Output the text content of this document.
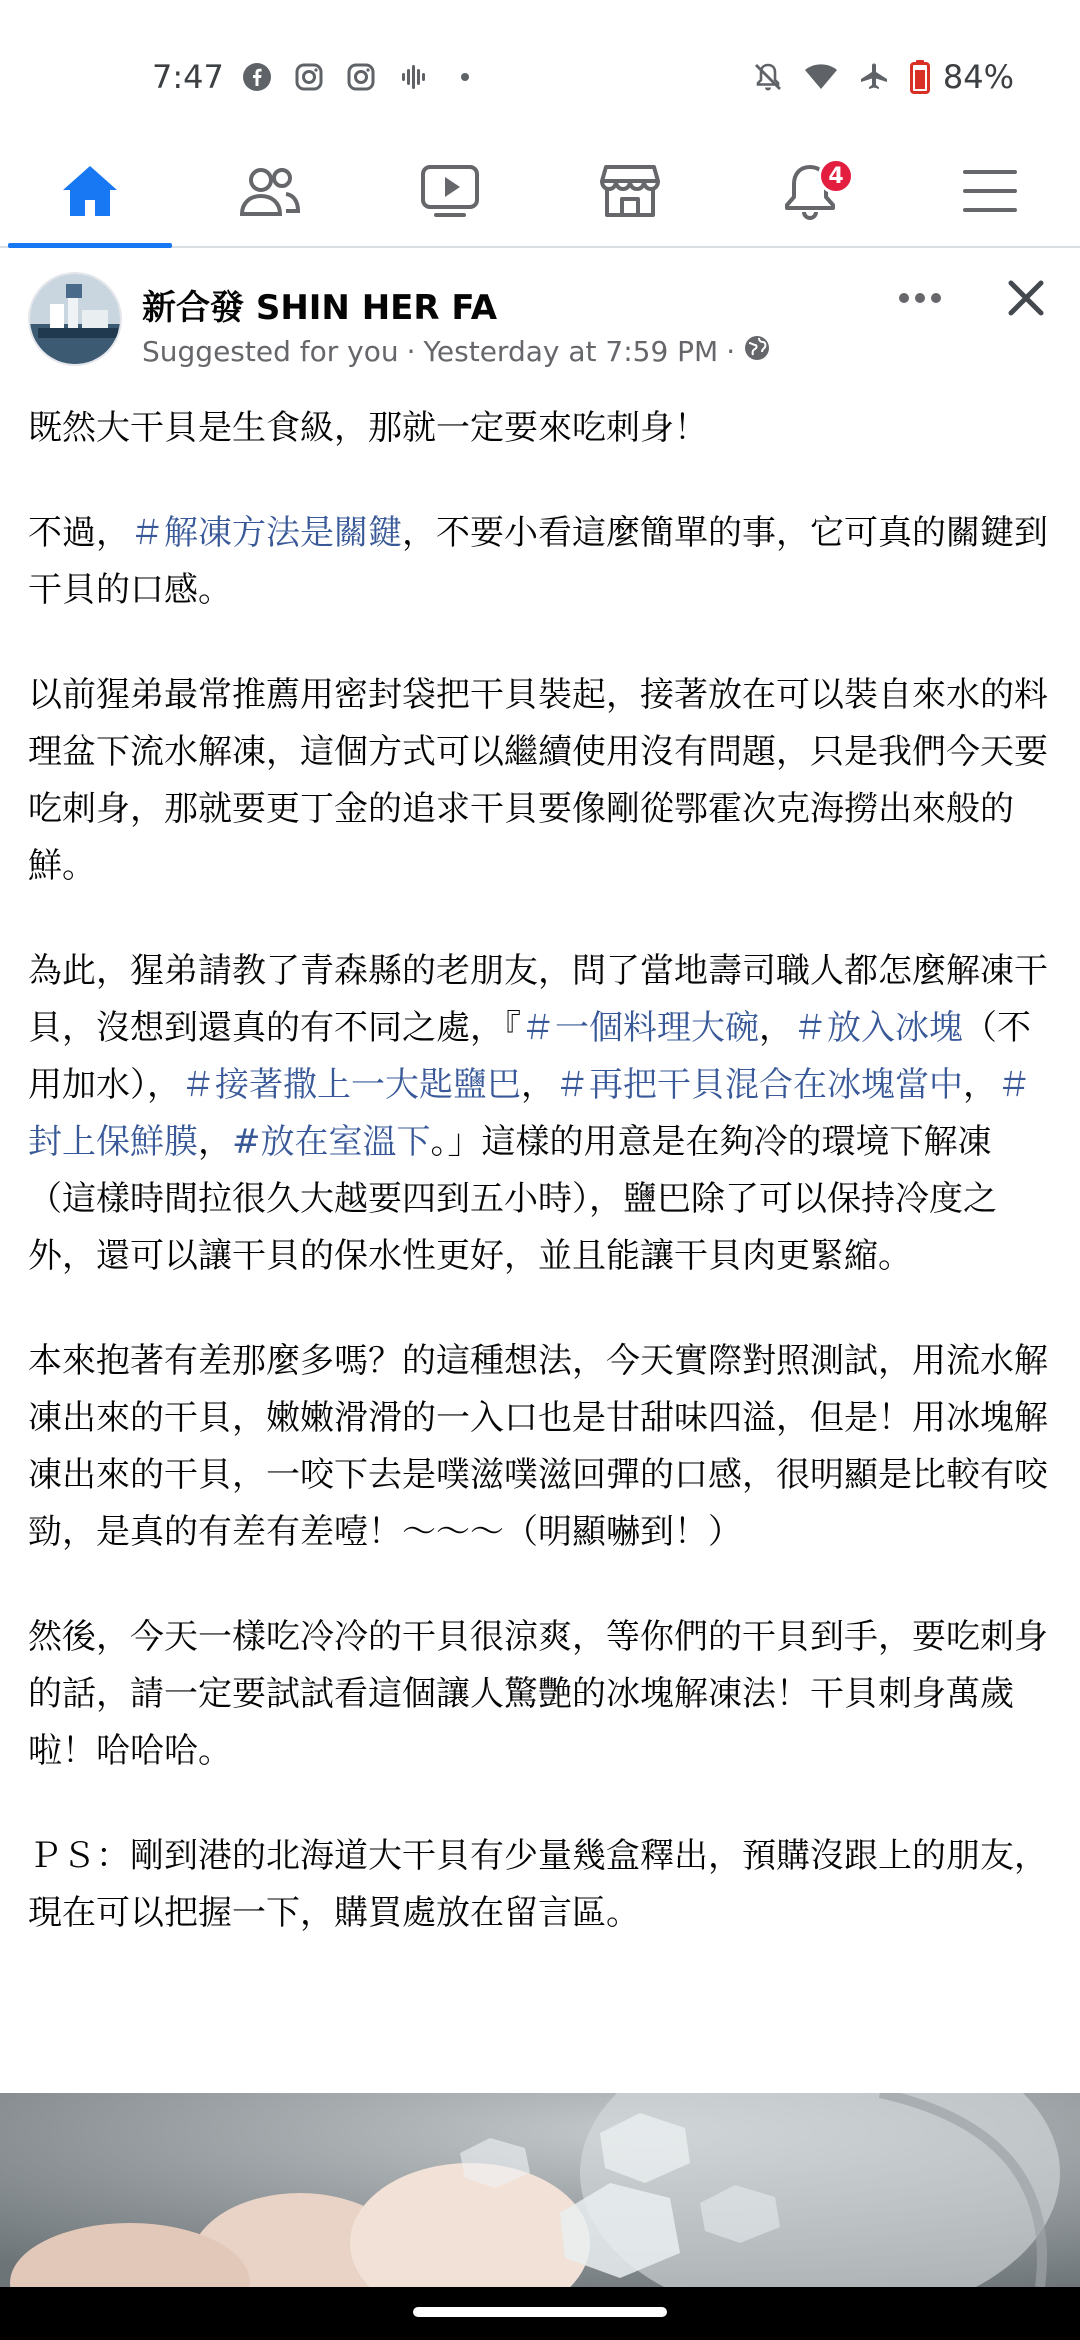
7:47	84%
4
新合發 SHIN HER FA
Suggested for you · Yesterday at 7:59 PM ·

既然大干貝是生食級，那就一定要來吃刺身！

不過，＃解凍方法是關鍵，不要小看這麼簡單的事，它可真的關鍵到干貝的口感。

以前猩弟最常推薦用密封袋把干貝裝起，接著放在可以裝自來水的料理盆下流水解凍，這個方式可以繼續使用沒有問題，只是我們今天要吃刺身，那就要更丁金的追求干貝要像剛從鄂霍次克海撈出來般的鮮。

為此，猩弟請教了青森縣的老朋友，問了當地壽司職人都怎麼解凍干貝，沒想到還真的有不同之處，『＃一個料理大碗，＃放入冰塊（不用加水），＃接著撒上一大匙鹽巴，＃再把干貝混合在冰塊當中，＃封上保鮮膜，#放在室溫下。」這樣的用意是在夠冷的環境下解凍（這樣時間拉很久大越要四到五小時），鹽巴除了可以保持冷度之外，還可以讓干貝的保水性更好，並且能讓干貝肉更緊縮。

本來抱著有差那麼多嗎？的這種想法，今天實際對照測試，用流水解凍出來的干貝，嫩嫩滑滑的一入口也是甘甜味四溢，但是！用冰塊解凍出來的干貝，一咬下去是噗滋噗滋回彈的口感，很明顯是比較有咬勁，是真的有差有差噎！～～～（明顯嚇到！）

然後，今天一樣吃冷冷的干貝很涼爽，等你們的干貝到手，要吃刺身的話，請一定要試試看這個讓人驚艷的冰塊解凍法！干貝刺身萬歲啦！哈哈哈。

ＰＳ：剛到港的北海道大干貝有少量幾盒釋出，預購沒跟上的朋友，現在可以把握一下，購買處放在留言區。
